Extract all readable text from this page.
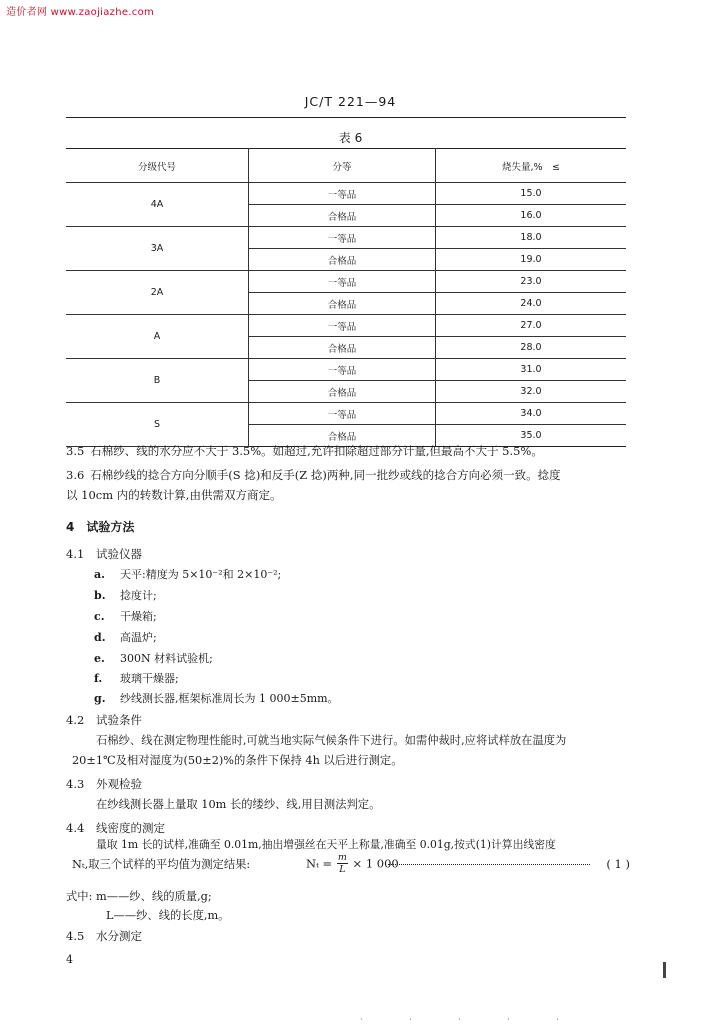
造价者网 www.zaojiazhe.com
JC/T 221—94
表 6
分级代号	分等	烧失量,%　≤
4A	一等品	15.0
	合格品	16.0
3A	一等品	18.0
	合格品	19.0
2A	一等品	23.0
	合格品	24.0
A	一等品	27.0
	合格品	28.0
B	一等品	31.0
	合格品	32.0
S	一等品	34.0
	合格品	35.0
3.5 石棉纱、线的水分应不大于 3.5%。如超过,允许扣除超过部分计量,但最高不大于 5.5%。
3.6 石棉纱线的捻合方向分顺手(S 捻)和反手(Z 捻)两种,同一批纱或线的捻合方向必须一致。捻度
以 10cm 内的转数计算,由供需双方商定。
4　试验方法
4.1 试验仪器
a. 天平:精度为 5×10⁻²和 2×10⁻²;
b. 捻度计;
c. 干燥箱;
d. 高温炉;
e. 300N 材料试验机;
f. 玻璃干燥器;
g. 纱线测长器,框架标准周长为 1 000±5mm。
4.2 试验条件
石棉纱、线在测定物理性能时,可就当地实际气候条件下进行。如需仲裁时,应将试样放在温度为
20±1℃及相对湿度为(50±2)%的条件下保持 4h 以后进行测定。
4.3 外观检验
在纱线测长器上量取 10m 长的缕纱、线,用目测法判定。
4.4 线密度的测定
量取 1m 长的试样,准确至 0.01m,抽出增强丝在天平上称量,准确至 0.01g,按式(1)计算出线密度
Nₜ,取三个试样的平均值为测定结果:	$N_t = \frac{m}{L} \times 1$ 000	( 1 )
式中: m——纱、线的质量,g;
L——纱、线的长度,m。
4.5 水分测定
4
· · · · ·
